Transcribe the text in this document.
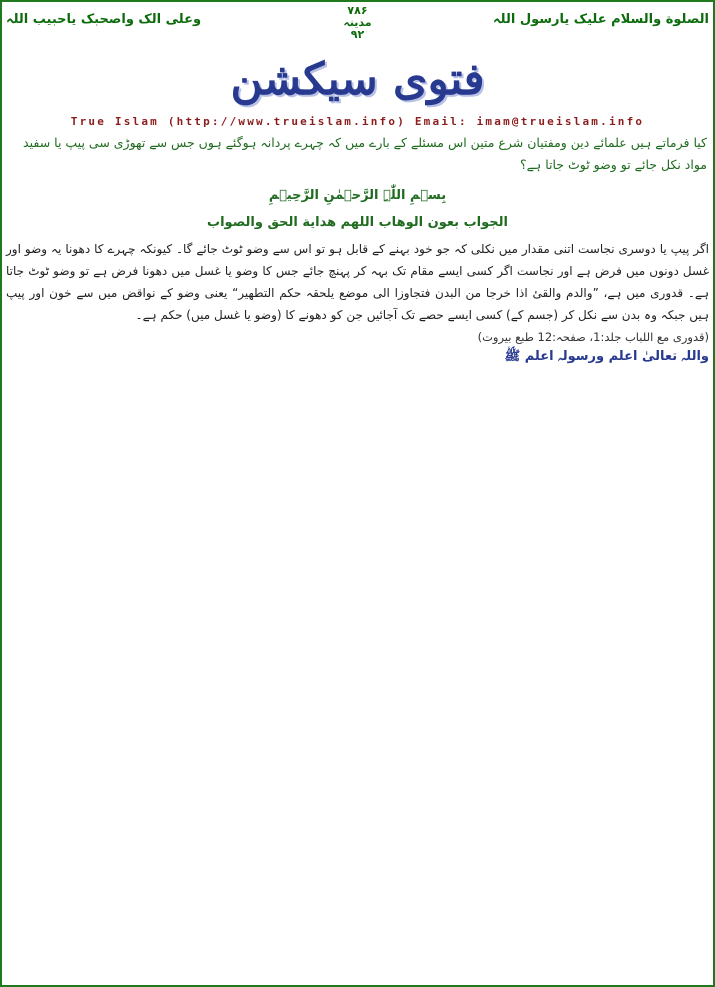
الصلوة والسلام علیک یارسول اللہ
۷۸۶
مدینہ
۹۲
وعلی الک واصحبک یاحبیب اللہ
فتوی سیکشن
True Islam (http://www.trueislam.info) Email: imam@trueislam.info

کیا فرماتے ہیں علمائے دین ومفتیان شرع متین اس مسئلے کے بارے میں کہ چہرے پردانہ ہوگئے ہوں جس سے تھوڑی سی پیپ یا سفید مواد نکل جائے تو وضو ٹوٹ جاتا ہے؟

بِسۡمِ اللّٰہِ الرَّحۡمٰنِ الرَّحِیۡمِ
الجواب بعون الوهاب اللهم هداية الحق والصواب
اگر پیپ یا دوسری نجاست اتنی مقدار میں نکلی کہ جو خود بہنے کے قابل ہو تو اس سے وضو ٹوٹ جائے گا۔ کیونکہ چہرے کا دھونا یہ وضو اور غسل دونوں میں فرض ہے اور نجاست اگر کسی ایسے مقام تک بہہ کر پہنچ جائے جس کا وضو یا غسل میں دھونا فرض ہے تو وضو ٹوٹ جاتا ہے۔ قدوری میں ہے، ”والدم والقیٔ اذا خرجا من البدن فتجاوزا الی موضع یلحقہ حکم التطھیر“ یعنی وضو کے نواقض میں سے خون اور پیپ ہیں جبکہ وہ بدن سے نکل کر (جسم کے) کسی ایسے حصے تک آجائیں جن کو دھونے کا (وضو یا غسل میں) حکم ہے۔
(قدوری مع اللباب جلد:1، صفحہ:12 طبع بیروت)
واللہ تعالیٰ اعلم ورسولہ اعلم ﷺ
